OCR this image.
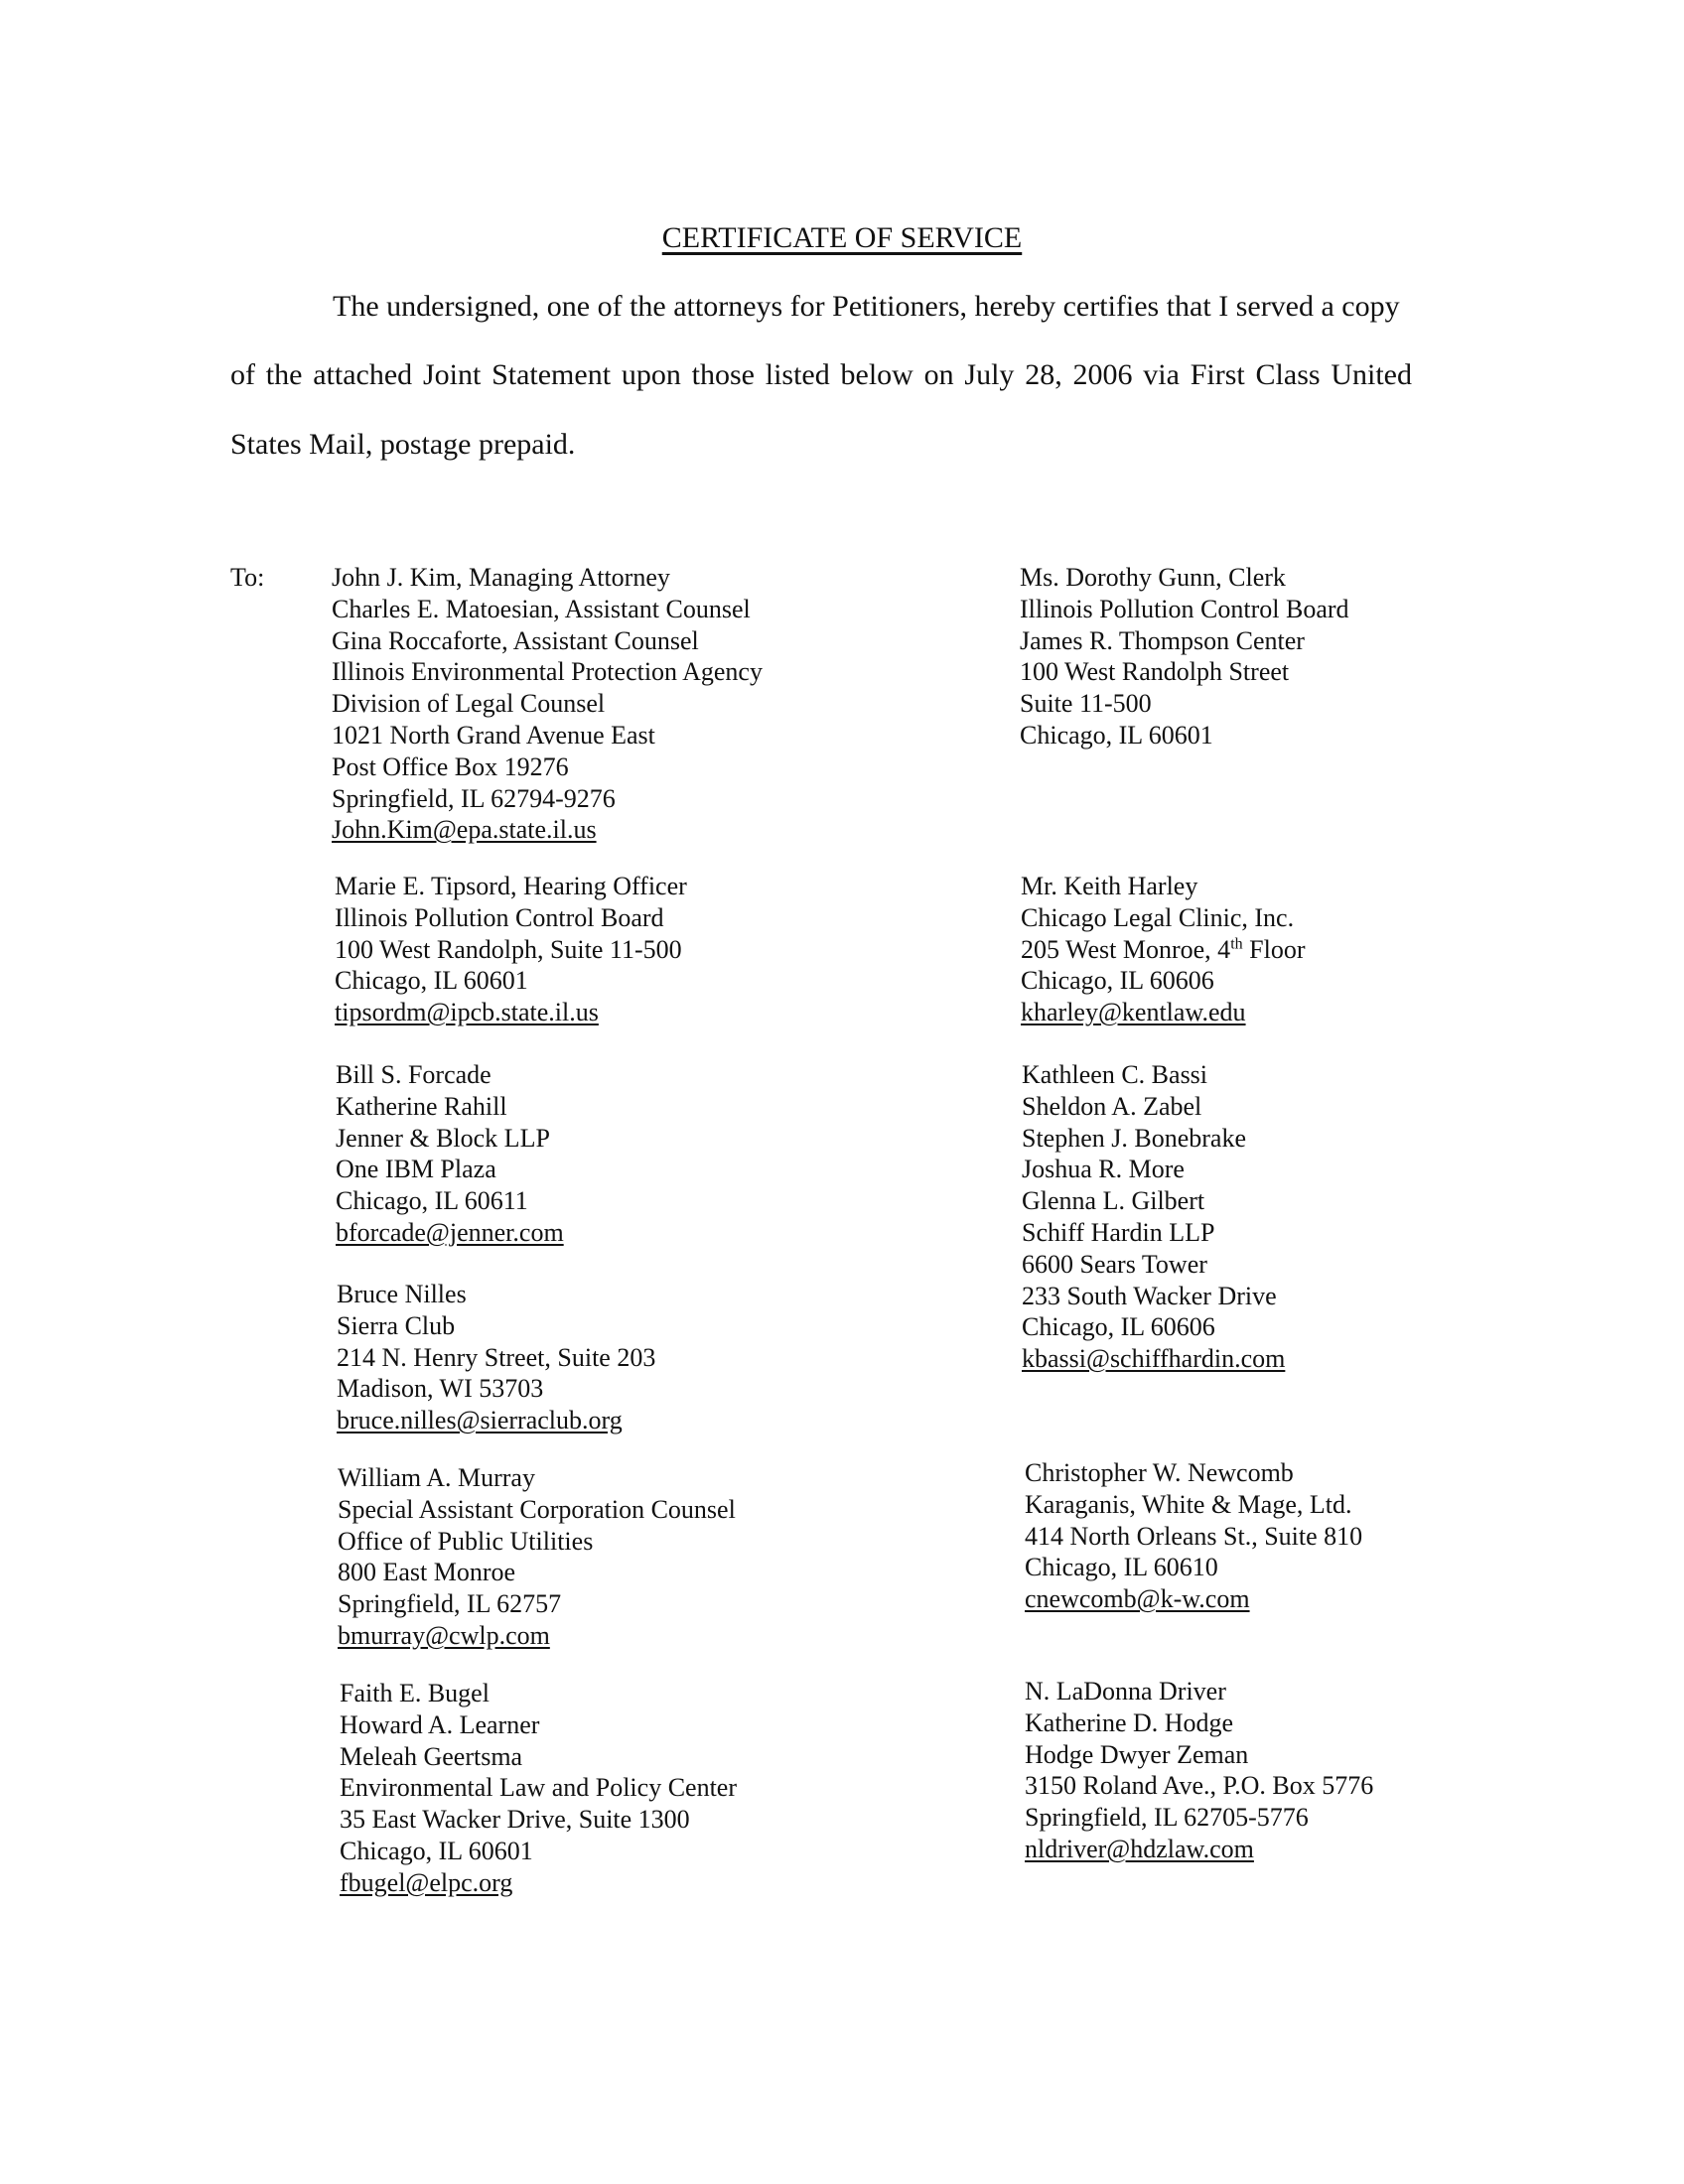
CERTIFICATE OF SERVICE
The undersigned, one of the attorneys for Petitioners, hereby certifies that I served a copy
of the attached Joint Statement upon those listed below on July 28, 2006 via First Class United
States Mail, postage prepaid.
To:	John J. Kim, Managing Attorney
Charles E. Matoesian, Assistant Counsel
Gina Roccaforte, Assistant Counsel
Illinois Environmental Protection Agency
Division of Legal Counsel
1021 North Grand Avenue East
Post Office Box 19276
Springfield, IL 62794-9276
John.Kim@epa.state.il.us
Marie E. Tipsord, Hearing Officer
Illinois Pollution Control Board
100 West Randolph, Suite 11-500
Chicago, IL 60601
tipsordm@ipcb.state.il.us
Bill S. Forcade
Katherine Rahill
Jenner & Block LLP
One IBM Plaza
Chicago, IL 60611
bforcade@jenner.com
Bruce Nilles
Sierra Club
214 N. Henry Street, Suite 203
Madison, WI 53703
bruce.nilles@sierraclub.org
William A. Murray
Special Assistant Corporation Counsel
Office of Public Utilities
800 East Monroe
Springfield, IL 62757
bmurray@cwlp.com
Faith E. Bugel
Howard A. Learner
Meleah Geertsma
Environmental Law and Policy Center
35 East Wacker Drive, Suite 1300
Chicago, IL 60601
fbugel@elpc.org
Ms. Dorothy Gunn, Clerk
Illinois Pollution Control Board
James R. Thompson Center
100 West Randolph Street
Suite 11-500
Chicago, IL 60601
Mr. Keith Harley
Chicago Legal Clinic, Inc.
205 West Monroe, 4th Floor
Chicago, IL 60606
kharley@kentlaw.edu
Kathleen C. Bassi
Sheldon A. Zabel
Stephen J. Bonebrake
Joshua R. More
Glenna L. Gilbert
Schiff Hardin LLP
6600 Sears Tower
233 South Wacker Drive
Chicago, IL 60606
kbassi@schiffhardin.com
Christopher W. Newcomb
Karaganis, White & Mage, Ltd.
414 North Orleans St., Suite 810
Chicago, IL 60610
cnewcomb@k-w.com
N. LaDonna Driver
Katherine D. Hodge
Hodge Dwyer Zeman
3150 Roland Ave., P.O. Box 5776
Springfield, IL 62705-5776
nldriver@hdzlaw.com
